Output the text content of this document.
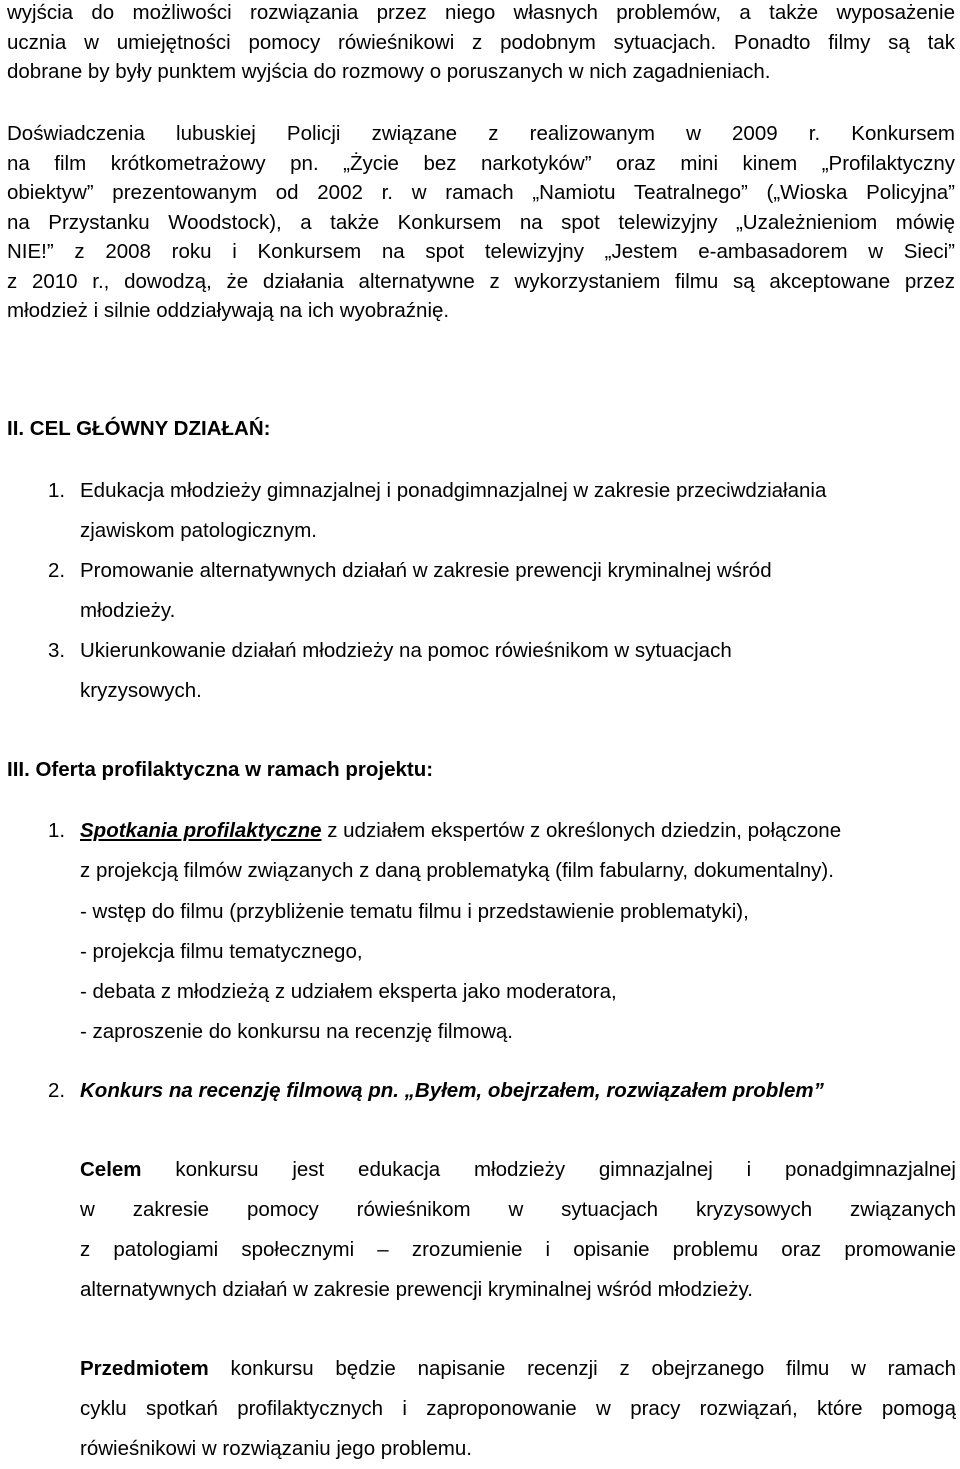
wyjścia do możliwości rozwiązania przez niego własnych problemów, a także wyposażenie
ucznia w umiejętności pomocy rówieśnikowi z podobnym sytuacjach. Ponadto filmy są tak
dobrane by były punktem wyjścia do rozmowy o poruszanych w nich zagadnieniach.

Doświadczenia lubuskiej Policji związane z realizowanym w 2009 r. Konkursem
na film krótkometrażowy pn. „Życie bez narkotyków” oraz mini kinem „Profilaktyczny
obiektyw” prezentowanym od 2002 r. w ramach „Namiotu Teatralnego” („Wioska Policyjna”
na Przystanku Woodstock), a także Konkursem na spot telewizyjny „Uzależnieniom mówię
NIE!” z 2008 roku i Konkursem na spot telewizyjny „Jestem e-ambasadorem w Sieci”
z 2010 r., dowodzą, że działania alternatywne z wykorzystaniem filmu są akceptowane przez
młodzież i silnie oddziaływają na ich wyobraźnię.

II. CEL GŁÓWNY DZIAŁAŃ:
1. Edukacja młodzieży gimnazjalnej i ponadgimnazjalnej w zakresie przeciwdziałania
zjawiskom patologicznym.
2. Promowanie alternatywnych działań w zakresie prewencji kryminalnej wśród
młodzieży.
3. Ukierunkowanie działań młodzieży na pomoc rówieśnikom w sytuacjach
kryzysowych.
III. Oferta profilaktyczna w ramach projektu:
1. Spotkania profilaktyczne z udziałem ekspertów z określonych dziedzin, połączone
z projekcją filmów związanych z daną problematyką (film fabularny, dokumentalny).

- wstęp do filmu (przybliżenie tematu filmu i przedstawienie problematyki),

- projekcja filmu tematycznego,

- debata z młodzieżą z udziałem eksperta jako moderatora,

- zaproszenie do konkursu na recenzję filmową.

2. Konkurs na recenzję filmową pn. „Byłem, obejrzałem, rozwiązałem problem”
Celem konkursu jest edukacja młodzieży gimnazjalnej i ponadgimnazjalnej
w zakresie pomocy rówieśnikom w sytuacjach kryzysowych związanych
z patologiami społecznymi – zrozumienie i opisanie problemu oraz promowanie
alternatywnych działań w zakresie prewencji kryminalnej wśród młodzieży.
Przedmiotem konkursu będzie napisanie recenzji z obejrzanego filmu w ramach
cyklu spotkań profilaktycznych i zaproponowanie w pracy rozwiązań, które pomogą
rówieśnikowi w rozwiązaniu jego problemu.
